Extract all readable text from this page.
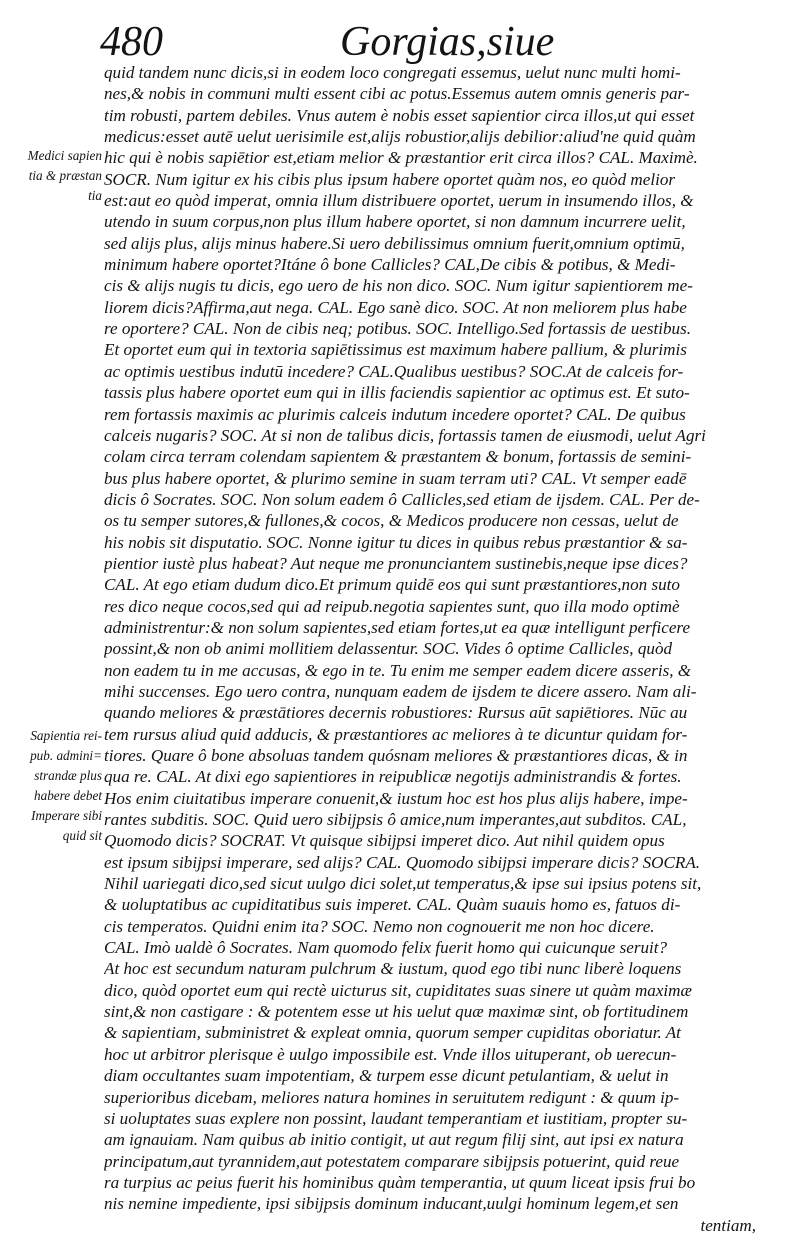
480	Gorgias,siue
Medici sapien
tia & præstan
tia
Sapientia rei-
pub. admini=
strandæ plus
habere debet
Imperare sibi
quid sit
quid tandem nunc dicis,si in eodem loco congregati essemus, uelut nunc multi homi-
nes,& nobis in communi multi essent cibi ac potus.Essemus autem omnis generis par-
tim robusti, partem debiles. Vnus autem è nobis esset sapientior circa illos,ut qui esset
medicus:esset autē uelut uerisimile est,alijs robustior,alijs debilior:aliud'ne quid quàm
hic qui è nobis sapiētior est,etiam melior & præstantior erit circa illos? CAL. Maximè.
SOCR. Num igitur ex his cibis plus ipsum habere oportet quàm nos, eo quòd melior
est:aut eo quòd imperat, omnia illum distribuere oportet, uerum in insumendo illos, &
utendo in suum corpus,non plus illum habere oportet, si non damnum incurrere uelit,
sed alijs plus, alijs minus habere.Si uero debilissimus omnium fuerit,omnium optimū,
minimum habere oportet?Itáne ô bone Callicles? CAL,De cibis & potibus, & Medi-
cis & alijs nugis tu dicis, ego uero de his non dico. SOC. Num igitur sapientiorem me-
liorem dicis?Affirma,aut nega. CAL. Ego sanè dico. SOC. At non meliorem plus habe
re oportere? CAL. Non de cibis neq; potibus. SOC. Intelligo.Sed fortassis de uestibus.
Et oportet eum qui in textoria sapiētissimus est maximum habere pallium, & plurimis
ac optimis uestibus indutū incedere? CAL.Qualibus uestibus? SOC.At de calceis for-
tassis plus habere oportet eum qui in illis faciendis sapientior ac optimus est. Et suto-
rem fortassis maximis ac plurimis calceis indutum incedere oportet? CAL. De quibus
calceis nugaris? SOC. At si non de talibus dicis, fortassis tamen de eiusmodi, uelut Agri
colam circa terram colendam sapientem & præstantem & bonum, fortassis de semini-
bus plus habere oportet, & plurimo semine in suam terram uti? CAL. Vt semper eadē
dicis ô Socrates. SOC. Non solum eadem ô Callicles,sed etiam de ijsdem. CAL. Per de-
os tu semper sutores,& fullones,& cocos, & Medicos producere non cessas, uelut de
his nobis sit disputatio. SOC. Nonne igitur tu dices in quibus rebus præstantior & sa-
pientior iustè plus habeat? Aut neque me pronunciantem sustinebis,neque ipse dices?
CAL. At ego etiam dudum dico.Et primum quidē eos qui sunt præstantiores,non suto
res dico neque cocos,sed qui ad reipub.negotia sapientes sunt, quo illa modo optimè
administrentur:& non solum sapientes,sed etiam fortes,ut ea quæ intelligunt perficere
possint,& non ob animi mollitiem delassentur. SOC. Vides ô optime Callicles, quòd
non eadem tu in me accusas, & ego in te. Tu enim me semper eadem dicere asseris, &
mihi succenses. Ego uero contra, nunquam eadem de ijsdem te dicere assero. Nam ali-
quando meliores & præstātiores decernis robustiores: Rursus aūt sapiētiores. Nūc au
tem rursus aliud quid adducis, & præstantiores ac meliores à te dicuntur quidam for-
tiores. Quare ô bone absoluas tandem quósnam meliores & præstantiores dicas, & in
qua re. CAL. At dixi ego sapientiores in reipublicæ negotijs administrandis & fortes.
Hos enim ciuitatibus imperare conuenit,& iustum hoc est hos plus alijs habere, impe-
rantes subditis. SOC. Quid uero sibijpsis ô amice,num imperantes,aut subditos. CAL,
Quomodo dicis? SOCRAT. Vt quisque sibijpsi imperet dico. Aut nihil quidem opus
est ipsum sibijpsi imperare, sed alijs? CAL. Quomodo sibijpsi imperare dicis? SOCRA.
Nihil uariegati dico,sed sicut uulgo dici solet,ut temperatus,& ipse sui ipsius potens sit,
& uoluptatibus ac cupiditatibus suis imperet. CAL. Quàm suauis homo es, fatuos di-
cis temperatos. Quidni enim ita? SOC. Nemo non cognouerit me non hoc dicere.
CAL. Imò ualdè ô Socrates. Nam quomodo felix fuerit homo qui cuicunque seruit?
At hoc est secundum naturam pulchrum & iustum, quod ego tibi nunc liberè loquens
dico, quòd oportet eum qui rectè uicturus sit, cupiditates suas sinere ut quàm maximæ
sint,& non castigare : & potentem esse ut his uelut quæ maximæ sint, ob fortitudinem
& sapientiam, subministret & expleat omnia, quorum semper cupiditas oboriatur. At
hoc ut arbitror plerisque è uulgo impossibile est. Vnde illos uituperant, ob uerecun-
diam occultantes suam impotentiam, & turpem esse dicunt petulantiam, & uelut in
superioribus dicebam, meliores natura homines in seruitutem redigunt : & quum ip-
si uoluptates suas explere non possint, laudant temperantiam et iustitiam, propter su-
am ignauiam. Nam quibus ab initio contigit, ut aut regum filij sint, aut ipsi ex natura
principatum,aut tyrannidem,aut potestatem comparare sibijpsis potuerint, quid reue
ra turpius ac peius fuerit his hominibus quàm temperantia, ut quum liceat ipsis frui bo
nis nemine impediente, ipsi sibijpsis dominum inducant,uulgi hominum legem,et sen
tentiam,
